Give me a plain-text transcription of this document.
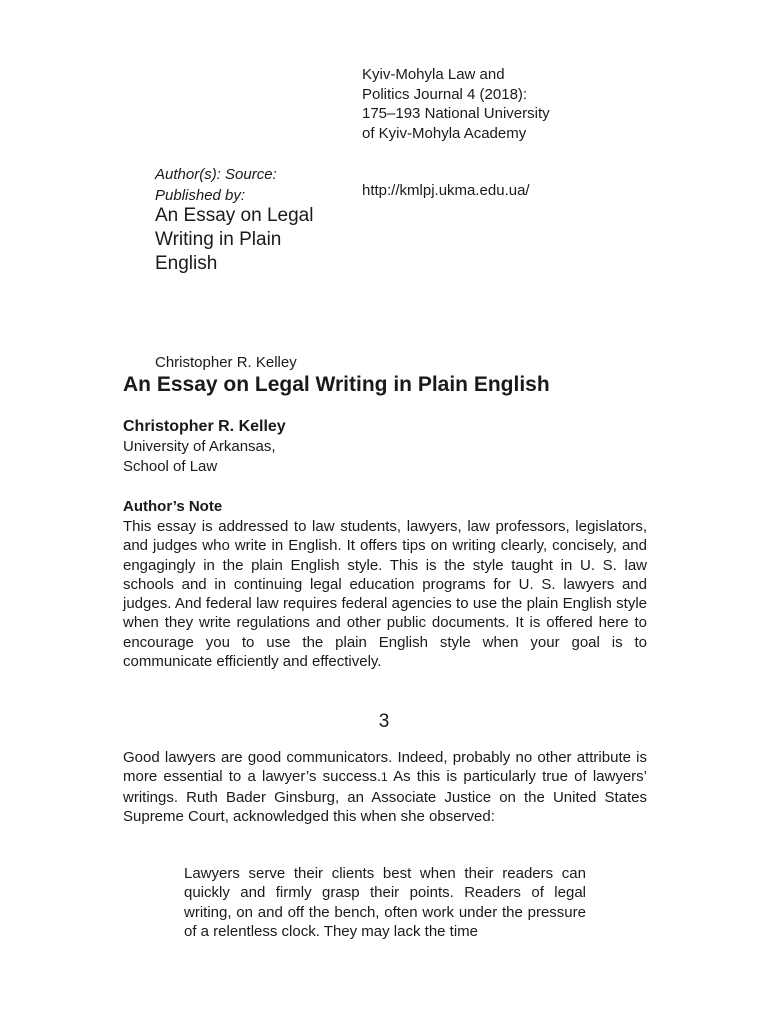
Kyiv-Mohyla Law and

Politics Journal 4 (2018):

175–193 National University

of Kyiv-Mohyla Academy

Author(s): Source:

Published by:	http://kmlpj.ukma.edu.ua/

An Essay on Legal

Writing in Plain

English

Christopher R. Kelley
An Essay on Legal Writing in Plain English
Christopher R. Kelley

University of Arkansas,

School of Law

Author’s Note

This essay is addressed to law students, lawyers, law professors, legislators, and judges who write in English. It offers tips on writing clearly, concisely, and engagingly in the plain English style. This is the style taught in U. S. law schools and in continuing legal education programs for U. S. lawyers and judges. And federal law requires federal agencies to use the plain English style when they write regulations and other public documents. It is offered here to encourage you to use the plain English style when your goal is to communicate efficiently and effectively.

3

Good lawyers are good communicators. Indeed, probably no other attribute is more essential to a lawyer’s success.1 As this is particularly true of lawyers’ writings. Ruth Bader Ginsburg, an Associate Justice on the United States Supreme Court, acknowledged this when she observed:

Lawyers serve their clients best when their readers can quickly and firmly grasp their points. Readers of legal writing, on and off the bench, often work under the pressure of a relentless clock. They may lack the time
